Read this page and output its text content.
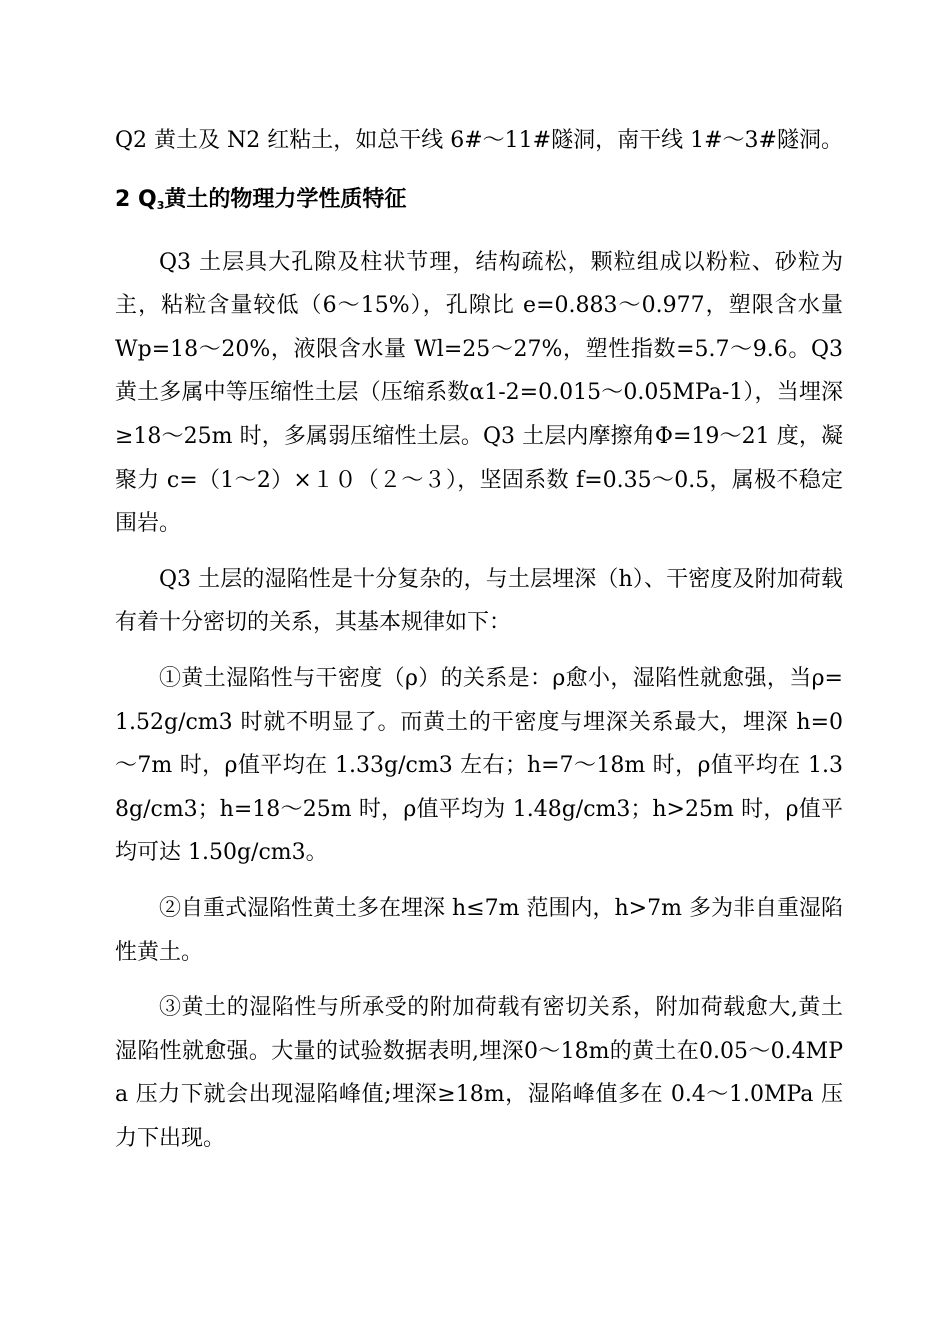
Q2 黄土及 N2 红粘土，如总干线 6#～11#隧洞，南干线 1#～3#隧洞。

2 $Q_3$黄土的物理力学性质特征

Q3 土层具大孔隙及柱状节理，结构疏松，颗粒组成以粉粒、砂粒为主，粘粒含量较低（6～15%），孔隙比 e=0.883～0.977，塑限含水量 Wp=18～20%，液限含水量 Wl=25～27%，塑性指数=5.7～9.6。Q3 黄土多属中等压缩性土层（压缩系数α1-2=0.015～0.05MPa-1），当埋深≥18～25m 时，多属弱压缩性土层。Q3 土层内摩擦角Φ=19～21 度，凝聚力 c=（1～2）×１０（２～３），坚固系数 f=0.35～0.5，属极不稳定围岩。

Q3 土层的湿陷性是十分复杂的，与土层埋深（h）、干密度及附加荷载有着十分密切的关系，其基本规律如下：

①黄土湿陷性与干密度（ρ）的关系是：ρ愈小，湿陷性就愈强，当ρ=1.52g/cm3 时就不明显了。而黄土的干密度与埋深关系最大，埋深 h=0～7m 时，ρ值平均在 1.33g/cm3 左右；h=7～18m 时，ρ值平均在 1.38g/cm3；h=18～25m 时，ρ值平均为 1.48g/cm3；h>25m 时，ρ值平均可达 1.50g/cm3。

②自重式湿陷性黄土多在埋深 h≤7m 范围内，h>7m 多为非自重湿陷性黄土。

③黄土的湿陷性与所承受的附加荷载有密切关系，附加荷载愈大,黄土湿陷性就愈强。大量的试验数据表明,埋深0～18m的黄土在0.05～0.4MPa 压力下就会出现湿陷峰值;埋深≥18m，湿陷峰值多在 0.4～1.0MPa 压力下出现。
